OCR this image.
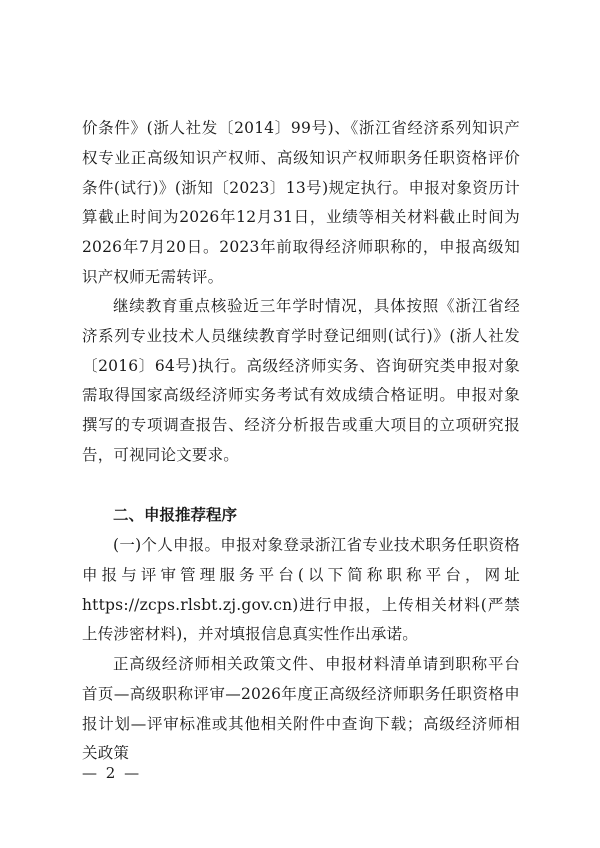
价条件》(浙人社发〔2014〕99号)、《浙江省经济系列知识产权专业正高级知识产权师、高级知识产权师职务任职资格评价条件(试行)》(浙知〔2023〕13号)规定执行。申报对象资历计算截止时间为2026年12月31日，业绩等相关材料截止时间为2026年7月20日。2023年前取得经济师职称的，申报高级知识产权师无需转评。

继续教育重点核验近三年学时情况，具体按照《浙江省经济系列专业技术人员继续教育学时登记细则(试行)》(浙人社发〔2016〕64号)执行。高级经济师实务、咨询研究类申报对象需取得国家高级经济师实务考试有效成绩合格证明。申报对象撰写的专项调查报告、经济分析报告或重大项目的立项研究报告，可视同论文要求。

二、申报推荐程序

(一)个人申报。申报对象登录浙江省专业技术职务任职资格申报与评审管理服务平台(以下简称职称平台，网址https://zcps.rlsbt.zj.gov.cn)进行申报，上传相关材料(严禁上传涉密材料)，并对填报信息真实性作出承诺。

正高级经济师相关政策文件、申报材料清单请到职称平台首页—高级职称评审—2026年度正高级经济师职务任职资格申报计划—评审标准或其他相关附件中查询下载；高级经济师相关政策

— 2 —
